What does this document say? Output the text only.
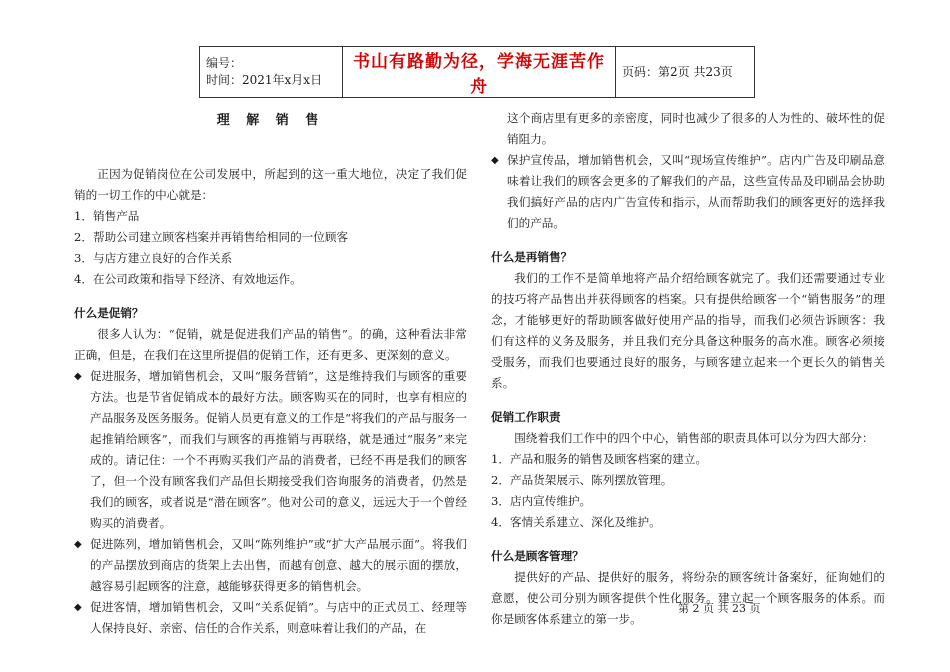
编号：
时间：2021年x月x日
	书山有路勤为径，学海无涯苦作舟	页码：第2页 共23页

理 解 销 售

正因为促销岗位在公司发展中，所起到的这一重大地位，决定了我们促销的一切工作的中心就是：

1．销售产品

2．帮助公司建立顾客档案并再销售给相同的一位顾客

3．与店方建立良好的合作关系

4．在公司政策和指导下经济、有效地运作。

什么是促销？

很多人认为：“促销，就是促进我们产品的销售”。的确，这种看法非常正确，但是，在我们在这里所提倡的促销工作，还有更多、更深刻的意义。

◆ 促进服务，增加销售机会，又叫“服务营销”，这是维持我们与顾客的重要方法。也是节省促销成本的最好方法。顾客购买在的同时，也享有相应的产品服务及医务服务。促销人员更有意义的工作是“将我们的产品与服务一起推销给顾客”，而我们与顾客的再推销与再联络，就是通过“服务”来完成的。请记住：一个不再购买我们产品的消费者，已经不再是我们的顾客了，但一个没有顾客我们产品但长期接受我们咨询服务的消费者，仍然是我们的顾客，或者说是“潜在顾客”。他对公司的意义，远远大于一个曾经购买的消费者。
◆ 促进陈列，增加销售机会，又叫“陈列维护”或“扩大产品展示面”。将我们的产品摆放到商店的货架上去出售，而越有创意、越大的展示面的摆放，越容易引起顾客的注意，越能够获得更多的销售机会。
◆ 促进客情，增加销售机会，又叫“关系促销”。与店中的正式员工、经理等人保持良好、亲密、信任的合作关系，则意味着让我们的产品，在
这个商店里有更多的亲密度，同时也减少了很多的人为性的、破坏性的促销阻力。
◆ 保护宣传品，增加销售机会，又叫“现场宣传维护”。店内广告及印刷品意味着让我们的顾客会更多的了解我们的产品，这些宣传品及印刷品会协助我们搞好产品的店内广告宣传和指示，从而帮助我们的顾客更好的选择我们的产品。

什么是再销售？

我们的工作不是简单地将产品介绍给顾客就完了。我们还需要通过专业的技巧将产品售出并获得顾客的档案。只有提供给顾客一个“销售服务”的理念，才能够更好的帮助顾客做好使用产品的指导，而我们必须告诉顾客：我们有这样的义务及服务，并且我们充分具备这种服务的高水准。顾客必须接受服务，而我们也要通过良好的服务，与顾客建立起来一个更长久的销售关系。

促销工作职责

围绕着我们工作中的四个中心，销售部的职责具体可以分为四大部分：

1．产品和服务的销售及顾客档案的建立。

2．产品货架展示、陈列摆放管理。

3．店内宣传维护。

4．客情关系建立、深化及维护。

什么是顾客管理？

提供好的产品、提供好的服务，将纷杂的顾客统计备案好，征询她们的意愿，使公司分别为顾客提供个性化服务。建立起一个顾客服务的体系。而你是顾客体系建立的第一步。

第 2 页 共 23 页
